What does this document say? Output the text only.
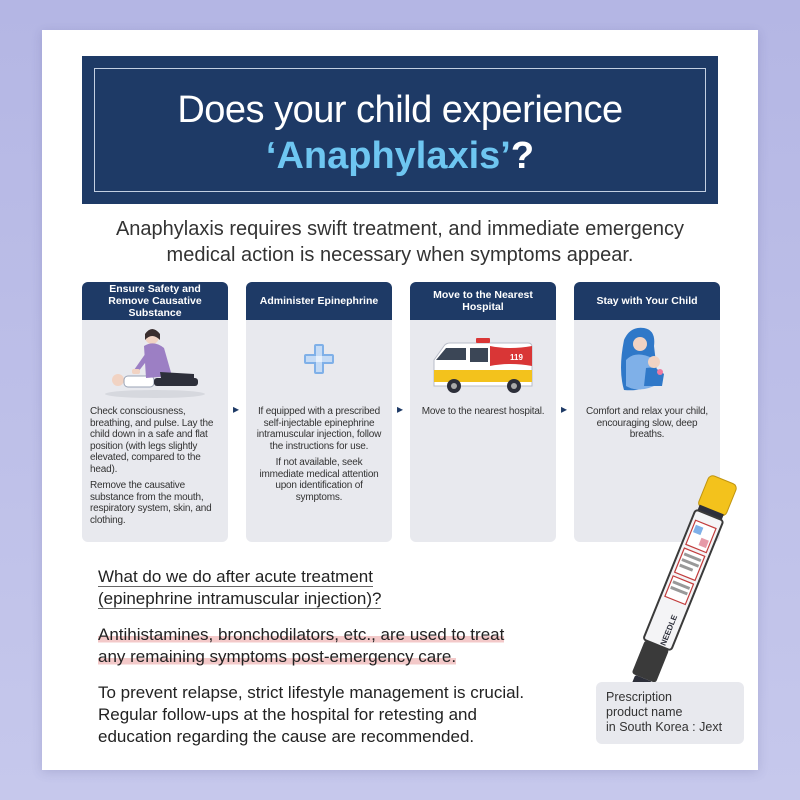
Does your child experience
‘Anaphylaxis’?
Anaphylaxis requires swift treatment, and immediate emergency
medical action is necessary when symptoms appear.
Ensure Safety and Remove Causative Substance

Check consciousness, breathing, and pulse. Lay the child down in a safe and flat position (with legs slightly elevated, compared to the head).

Remove the causative substance from the mouth, respiratory system, skin, and clothing.

▸
Administer Epinephrine

If equipped with a prescribed self-injectable epinephrine intramuscular injection, follow the instructions for use.

If not available, seek immediate medical attention upon identification of symptoms.

▸
Move to the Nearest Hospital
119

Move to the nearest hospital.	▸
Stay with Your Child

Comfort and relax your child, encouraging slow, deep breaths.

What do we do after acute treatment
(epinephrine intramuscular injection)?
Antihistamines, bronchodilators, etc., are used to treat
any remaining symptoms post-emergency care.
To prevent relapse, strict lifestyle management is crucial.
Regular follow-ups at the hospital for retesting and
education regarding the cause are recommended.
NEEDLE
Prescription
product name
in South Korea : Jext
